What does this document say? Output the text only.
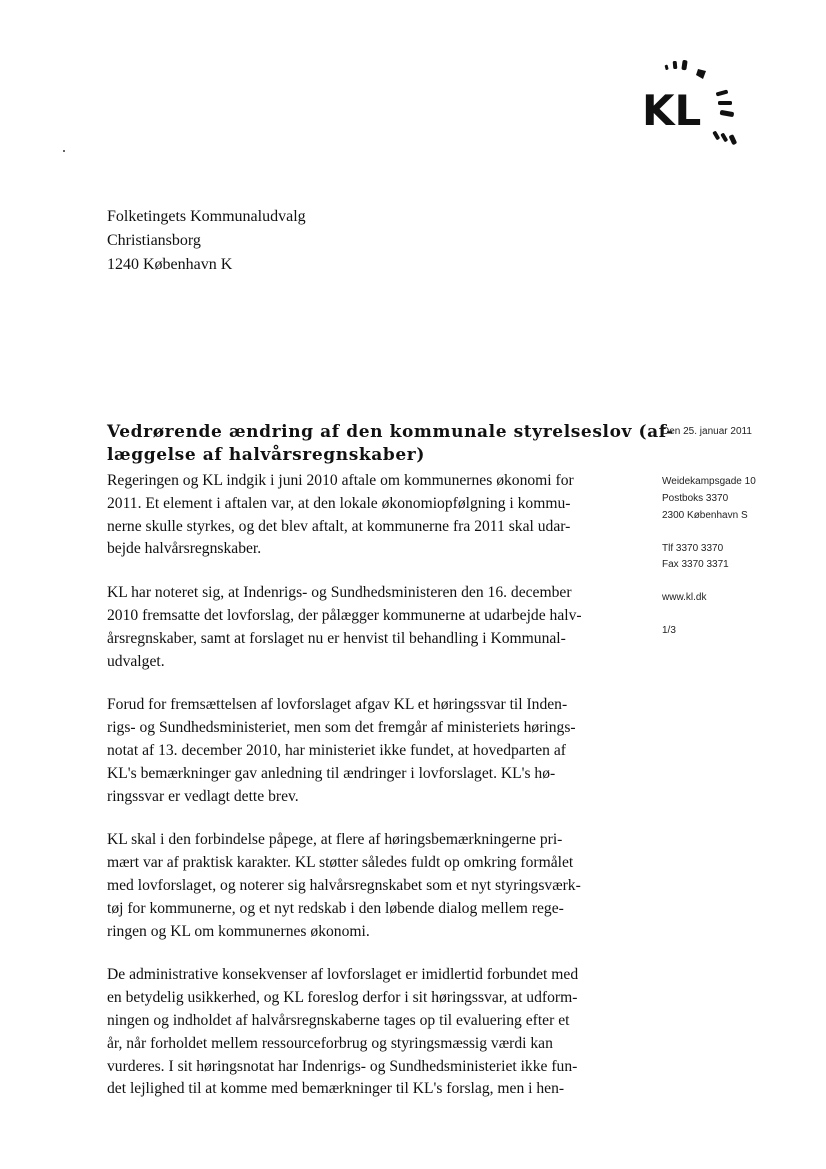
KL
Folketingets Kommunaludvalg
Christiansborg
1240 København K
Vedrørende ændring af den kommunale styrelseslov (af-
læggelse af halvårsregnskaber)
Den 25. januar 2011
Weidekampsgade 10
Postboks 3370
2300 København S
Tlf 3370 3370
Fax 3370 3371
www.kl.dk
1/3
Regeringen og KL indgik i juni 2010 aftale om kommunernes økonomi for
2011. Et element i aftalen var, at den lokale økonomiopfølgning i kommu-
nerne skulle styrkes, og det blev aftalt, at kommunerne fra 2011 skal udar-
bejde halvårsregnskaber.
KL har noteret sig, at Indenrigs- og Sundhedsministeren den 16. december
2010 fremsatte det lovforslag, der pålægger kommunerne at udarbejde halv-
årsregnskaber, samt at forslaget nu er henvist til behandling i Kommunal-
udvalget.
Forud for fremsættelsen af lovforslaget afgav KL et høringssvar til Inden-
rigs- og Sundhedsministeriet, men som det fremgår af ministeriets hørings-
notat af 13. december 2010, har ministeriet ikke fundet, at hovedparten af
KL's bemærkninger gav anledning til ændringer i lovforslaget. KL's hø-
ringssvar er vedlagt dette brev.
KL skal i den forbindelse påpege, at flere af høringsbemærkningerne pri-
mært var af praktisk karakter. KL støtter således fuldt op omkring formålet
med lovforslaget, og noterer sig halvårsregnskabet som et nyt styringsværk-
tøj for kommunerne, og et nyt redskab i den løbende dialog mellem rege-
ringen og KL om kommunernes økonomi.
De administrative konsekvenser af lovforslaget er imidlertid forbundet med
en betydelig usikkerhed, og KL foreslog derfor i sit høringssvar, at udform-
ningen og indholdet af halvårsregnskaberne tages op til evaluering efter et
år, når forholdet mellem ressourceforbrug og styringsmæssig værdi kan
vurderes. I sit høringsnotat har Indenrigs- og Sundhedsministeriet ikke fun-
det lejlighed til at komme med bemærkninger til KL's forslag, men i hen-
